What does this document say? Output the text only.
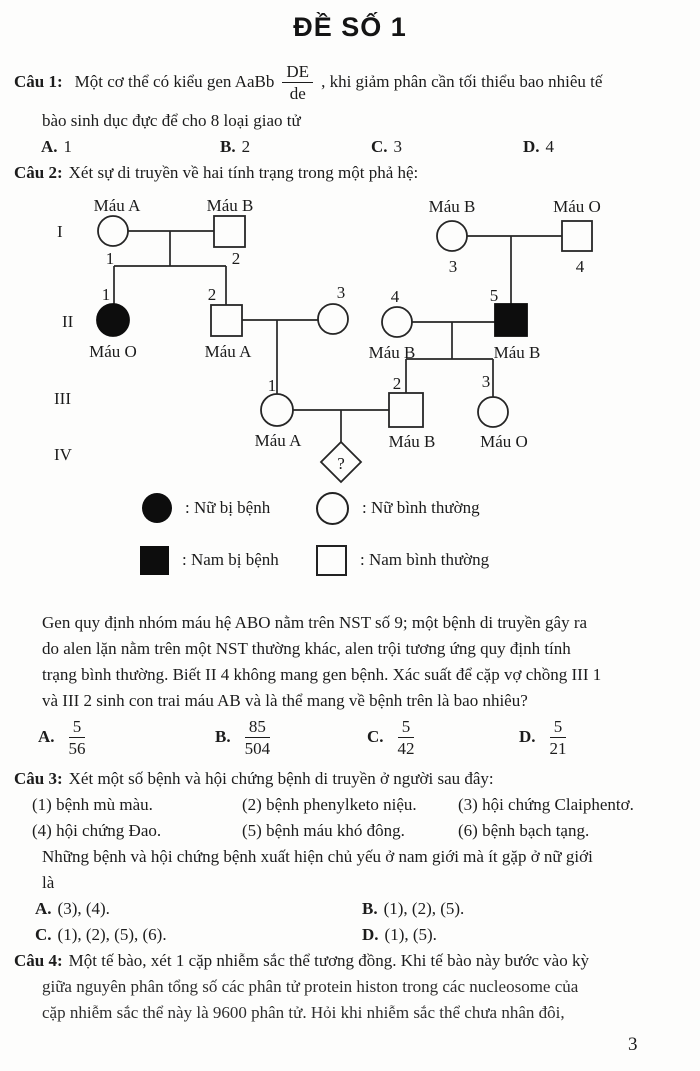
ĐỀ SỐ 1
Câu 1: Một cơ thể có kiểu gen AaBb $\frac{DE}{de}$ , khi giảm phân cần tối thiểu bao nhiêu tế
bào sinh dục đực để cho 8 loại giao tử
A. 1	B. 2	C. 3	D. 4
Câu 2: Xét sự di truyền về hai tính trạng trong một phả hệ:
I
II
III
IV	?
Máu A	Máu B	Máu B	Máu O
Máu O	Máu A	Máu B	Máu B
Máu A	Máu B	Máu O
1	2	3	4
1	2	3	4	5
1	2	3
: Nữ bị bệnh	: Nữ bình thường
: Nam bị bệnh	: Nam bình thường
Gen quy định nhóm máu hệ ABO nằm trên NST số 9; một bệnh di truyền gây ra
do alen lặn nằm trên một NST thường khác, alen trội tương ứng quy định tính
trạng bình thường. Biết II 4 không mang gen bệnh. Xác suất để cặp vợ chồng III 1
và III 2 sinh con trai máu AB và là thể mang về bệnh trên là bao nhiêu?
A. $\frac{5}{56}$	B. $\frac{85}{504}$	C. $\frac{5}{42}$	D. $\frac{5}{21}$
Câu 3: Xét một số bệnh và hội chứng bệnh di truyền ở người sau đây:
(1) bệnh mù màu.	(2) bệnh phenylketo niệu. (3) hội chứng Claiphentơ.
(4) hội chứng Đao.	(5) bệnh máu khó đông.	(6) bệnh bạch tạng.
Những bệnh và hội chứng bệnh xuất hiện chủ yếu ở nam giới mà ít gặp ở nữ giới
là
A. (3), (4).	B. (1), (2), (5).
C. (1), (2), (5), (6).	D. (1), (5).
Câu 4: Một tế bào, xét 1 cặp nhiễm sắc thể tương đồng. Khi tế bào này bước vào kỳ
giữa nguyên phân tổng số các phân tử protein histon trong các nucleosome của
cặp nhiễm sắc thể này là 9600 phân tử. Hỏi khi nhiễm sắc thể chưa nhân đôi,
3
